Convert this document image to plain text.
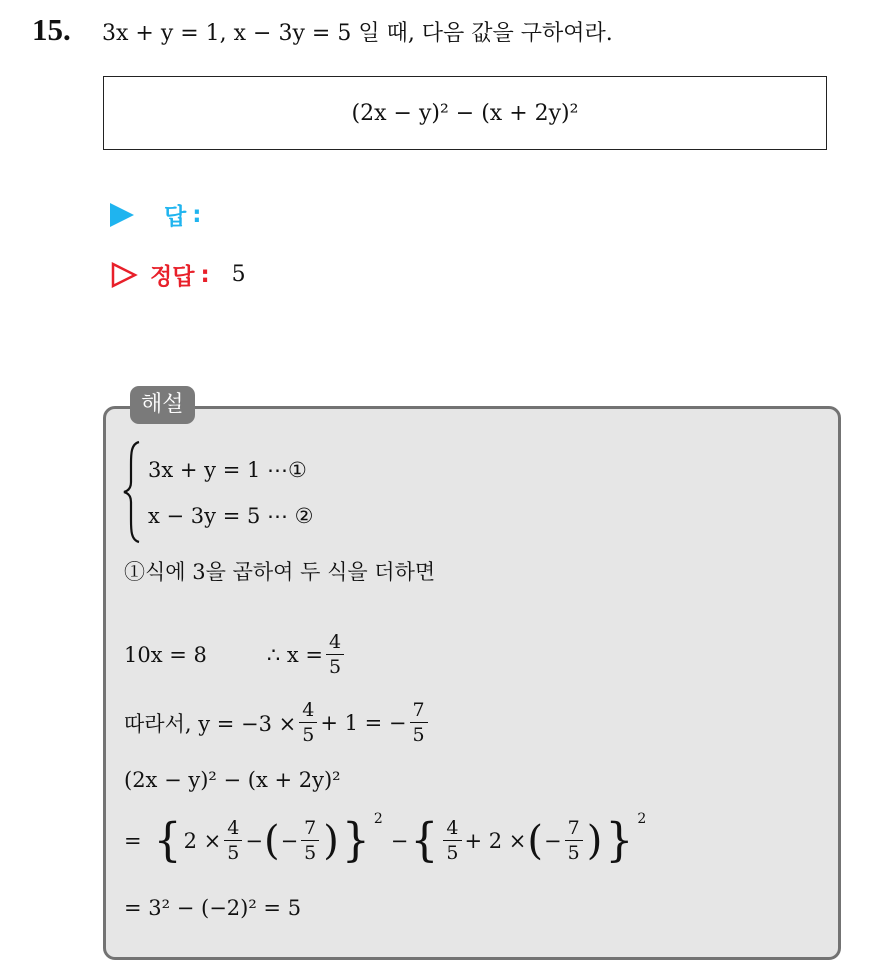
15. 3x + y = 1, x − 3y = 5 일 때, 다음 값을 구하여라.
(2x − y)² − (x + 2y)²
답 :
정답 : 5
해설
3x + y = 1 ⋯①
x − 3y = 5 ⋯ ②
①식에 3을 곱하여 두 식을 더하면
10x = 8	∴ $x = \frac{4}{5}$
따라서, $y = -3 \times \frac{4}{5} + 1$ = − $\frac{7}{5}$
(2x − y)² − (x + 2y)²
= { $2 \times \frac{4}{5}$ − ( − $\frac{7}{5}$ ) } 2
− { $\frac{4}{5} + 2$ × ( − $\frac{7}{5}$ ) } 2
= 3² − (−2)² = 5
